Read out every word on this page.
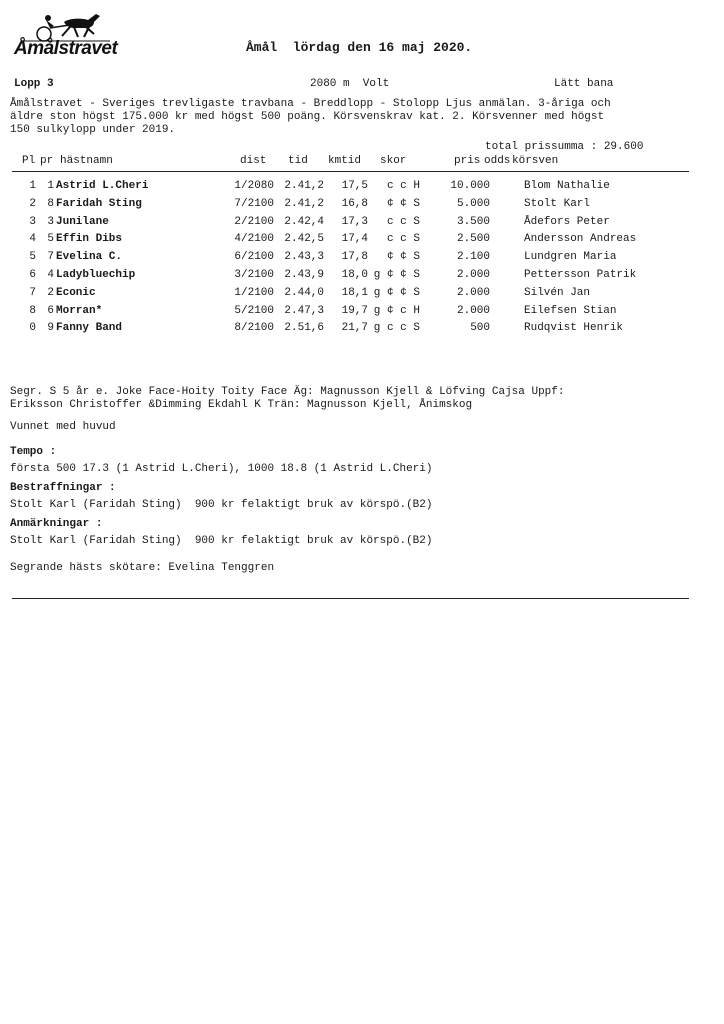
Åmålstravet	Åmål  lördag den 16 maj 2020.
Lopp 3	2080 m  Volt	Lätt bana
Åmålstravet - Sveriges trevligaste travbana - Breddlopp - Stolopp Ljus anmälan. 3-åriga och
äldre ston högst 175.000 kr med högst 500 poäng. Körsvenskrav kat. 2. Körsvenner med högst
150 sulkylopp under 2019.
total prissumma : 29.600
Pl pr hästnamn	dist tid kmtid skor	pris odds körsven
1	1 Astrid L.Cheri	1/2080 2.41,2	17,5	c c H	10.000	Blom Nathalie
2	8 Faridah Sting	7/2100 2.41,2	16,8	¢ ¢ S	5.000	Stolt Karl
3	3 Junilane	2/2100 2.42,4	17,3	c c S	3.500	Ådefors Peter
4	5 Effin Dibs	4/2100 2.42,5	17,4	c c S	2.500	Andersson Andreas
5	7 Evelina C.	6/2100 2.43,3	17,8	¢ ¢ S	2.100	Lundgren Maria
6	4 Ladybluechip	3/2100 2.43,9	18,0 g ¢ ¢ S	2.000	Pettersson Patrik
7	2 Econic	1/2100 2.44,0	18,1 g ¢ ¢ S	2.000	Silvén Jan
8	6 Morran*	5/2100 2.47,3	19,7 g ¢ c H	2.000	Eilefsen Stian
0	9 Fanny Band	8/2100 2.51,6	21,7 g c c S	500	Rudqvist Henrik
Segr. S 5 år e. Joke Face-Hoity Toity Face Äg: Magnusson Kjell & Löfving Cajsa Uppf:
Eriksson Christoffer &Dimming Ekdahl K Trän: Magnusson Kjell, Ånimskog
Vunnet med huvud
Tempo :
första 500 17.3 (1 Astrid L.Cheri), 1000 18.8 (1 Astrid L.Cheri)
Bestraffningar :
Stolt Karl (Faridah Sting)  900 kr felaktigt bruk av körspö.(B2)
Anmärkningar :
Stolt Karl (Faridah Sting)  900 kr felaktigt bruk av körspö.(B2)
Segrande hästs skötare: Evelina Tenggren
